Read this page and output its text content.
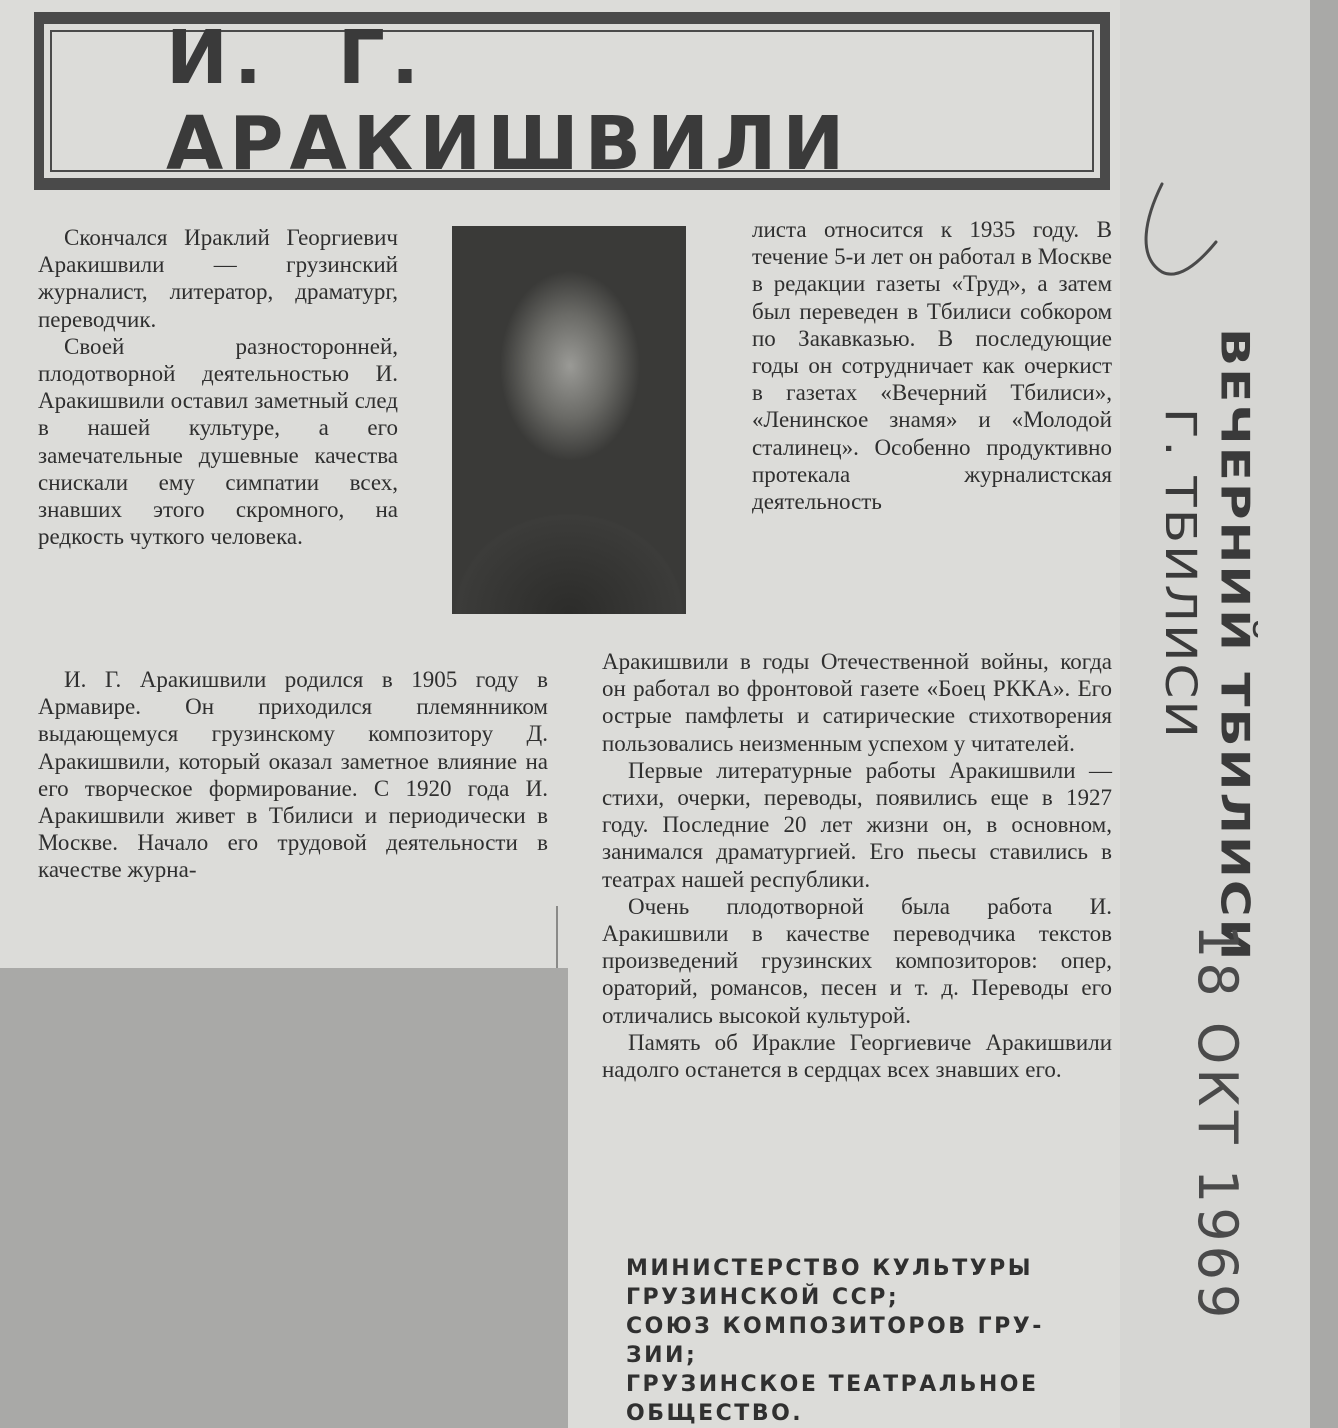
И. Г. АРАКИШВИЛИ

Скончался Ираклий Георгиевич Аракишвили — грузинский журналист, литератор, драматург, переводчик.

Своей разносторонней, плодотворной деятельностью И. Аракишвили оставил заметный след в нашей культуре, а его замечательные душевные качества снискали ему симпатии всех, знавших этого скромного, на редкость чуткого человека.

И. Г. Аракишвили родился в 1905 году в Армавире. Он приходился племянником выдающемуся грузинскому композитору Д. Аракишвили, который оказал заметное влияние на его творческое формирование. С 1920 года И. Аракишвили живет в Тбилиси и периодически в Москве. Начало его трудовой деятельности в качестве журна-

листа относится к 1935 году. В течение 5-и лет он работал в Москве в редакции газеты «Труд», а затем был переведен в Тбилиси собкором по Закавказью. В последующие годы он сотрудничает как очеркист в газетах «Вечерний Тбилиси», «Ленинское знамя» и «Молодой сталинец». Особенно продуктивно протекала журналистская деятельность

Аракишвили в годы Отечественной войны, когда он работал во фронтовой газете «Боец РККА». Его острые памфлеты и сатирические стихотворения пользовались неизменным успехом у читателей.

Первые литературные работы Аракишвили — стихи, очерки, переводы, появились еще в 1927 году. Последние 20 лет жизни он, в основном, занимался драматургией. Его пьесы ставились в театрах нашей республики.

Очень плодотворной была работа И. Аракишвили в качестве переводчика текстов произведений грузинских композиторов: опер, ораторий, романсов, песен и т. д. Переводы его отличались высокой культурой.

Память об Ираклие Георгиевиче Аракишвили надолго останется в сердцах всех знавших его.

МИНИСТЕРСТВО КУЛЬТУРЫ
ГРУЗИНСКОЙ ССР;
СОЮЗ КОМПОЗИТОРОВ ГРУ-
ЗИИ;
ГРУЗИНСКОЕ ТЕАТРАЛЬНОЕ
ОБЩЕСТВО.
ВЕЧЕРНИЙ ТБИЛИСИ
Г. ТБИЛИСИ
18 ОКТ 1969
